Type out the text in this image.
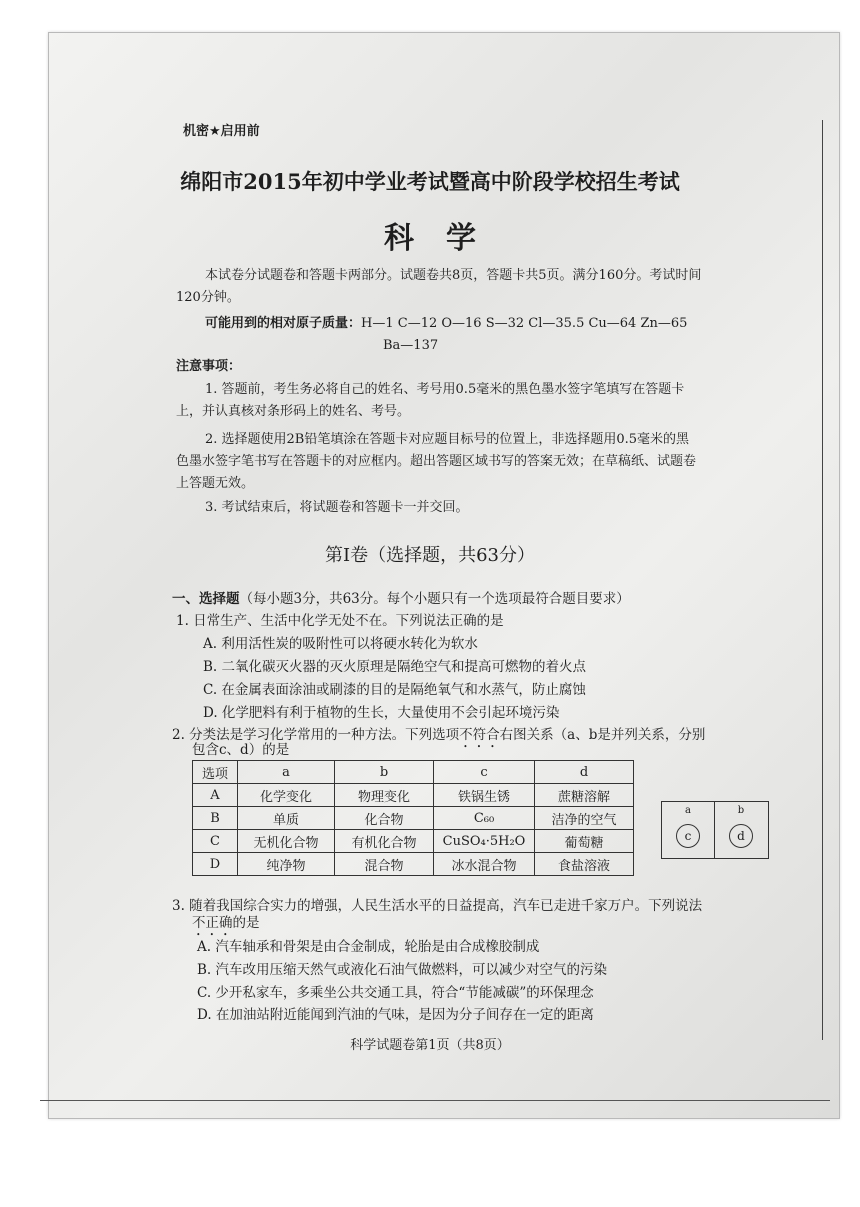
机密★启用前
绵阳市2015年初中学业考试暨高中阶段学校招生考试
科学
本试卷分试题卷和答题卡两部分。试题卷共8页，答题卡共5页。满分160分。考试时间
120分钟。
可能用到的相对原子质量：H—1 C—12 O—16 S—32 Cl—35.5 Cu—64 Zn—65
Ba—137
注意事项：
1. 答题前，考生务必将自己的姓名、考号用0.5毫米的黑色墨水签字笔填写在答题卡
上，并认真核对条形码上的姓名、考号。
2. 选择题使用2B铅笔填涂在答题卡对应题目标号的位置上，非选择题用0.5毫米的黑
色墨水签字笔书写在答题卡的对应框内。超出答题区域书写的答案无效；在草稿纸、试题卷
上答题无效。
3. 考试结束后，将试题卷和答题卡一并交回。
第Ⅰ卷（选择题，共63分）
一、选择题（每小题3分，共63分。每个小题只有一个选项最符合题目要求）
1. 日常生产、生活中化学无处不在。下列说法正确的是
A. 利用活性炭的吸附性可以将硬水转化为软水
B. 二氧化碳灭火器的灭火原理是隔绝空气和提高可燃物的着火点
C. 在金属表面涂油或刷漆的目的是隔绝氧气和水蒸气，防止腐蚀
D. 化学肥料有利于植物的生长，大量使用不会引起环境污染
2. 分类法是学习化学常用的一种方法。下列选项不符合右图关系（a、b是并列关系，分别
包含c、d）的是
选项	a	b	c	d
A	化学变化	物理变化	铁锅生锈	蔗糖溶解
B	单质	化合物	C₆₀	洁净的空气
C	无机化合物	有机化合物	CuSO₄·5H₂O	葡萄糖
D	纯净物	混合物	冰水混合物	食盐溶液
a
c
b
d
3. 随着我国综合实力的增强，人民生活水平的日益提高，汽车已走进千家万户。下列说法
不正确的是
A. 汽车轴承和骨架是由合金制成，轮胎是由合成橡胶制成
B. 汽车改用压缩天然气或液化石油气做燃料，可以减少对空气的污染
C. 少开私家车，多乘坐公共交通工具，符合“节能减碳”的环保理念
D. 在加油站附近能闻到汽油的气味，是因为分子间存在一定的距离
科学试题卷第1页（共8页）
